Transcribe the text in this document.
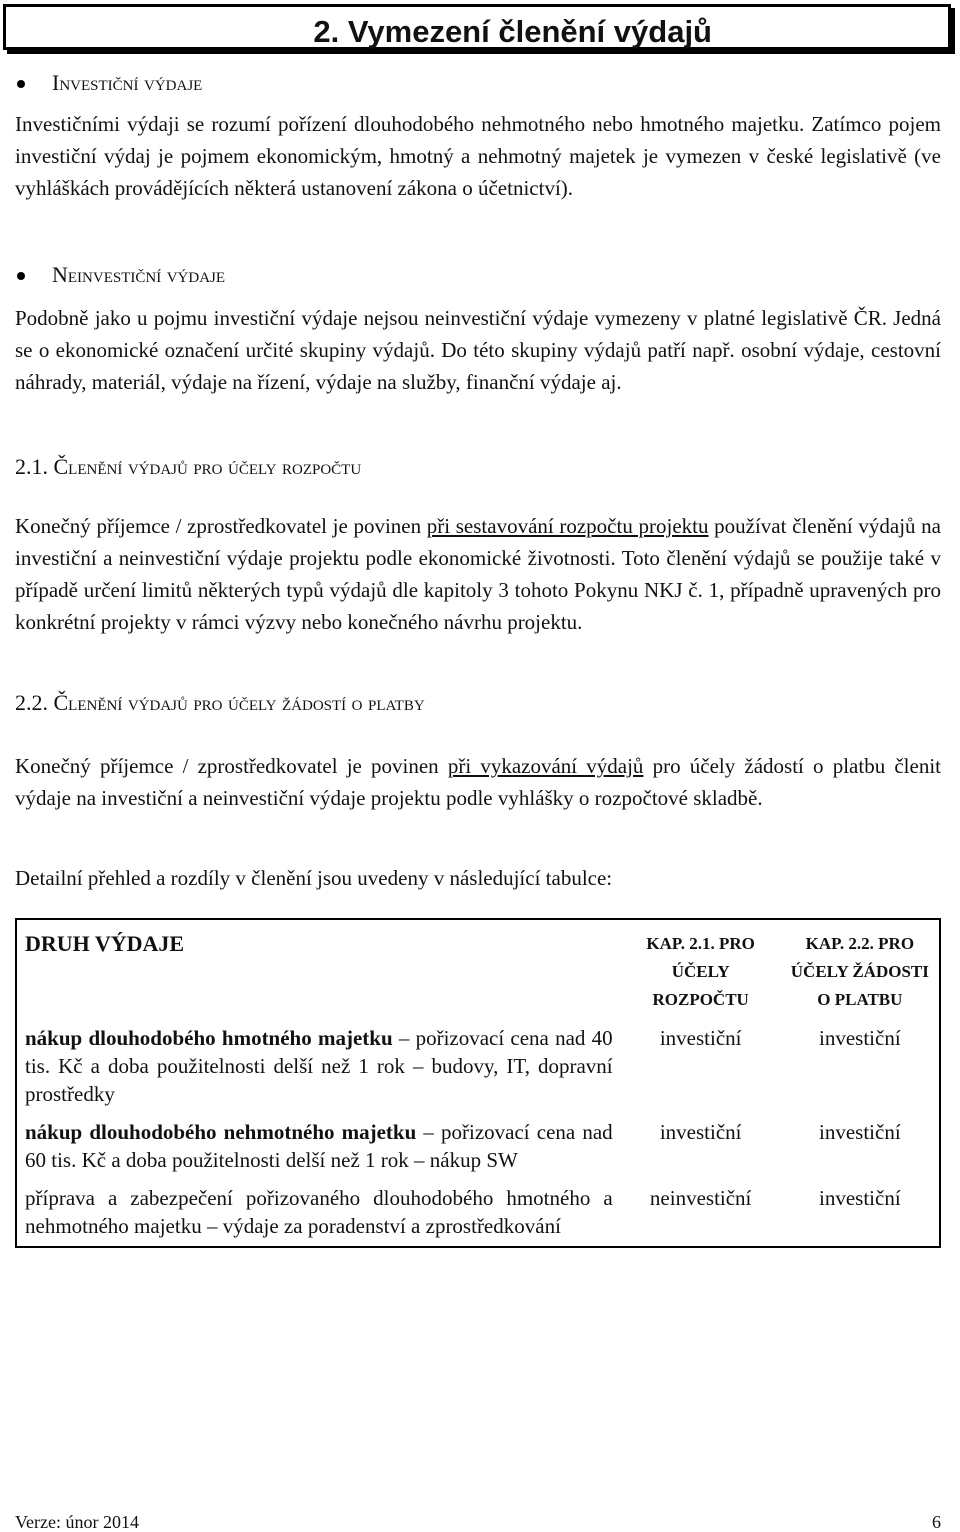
2. Vymezení členění výdajů
Investiční výdaje

Investičními výdaji se rozumí pořízení dlouhodobého nehmotného nebo hmotného majetku. Zatímco pojem investiční výdaj je pojmem ekonomickým, hmotný a nehmotný majetek je vymezen v české legislativě (ve vyhláškách provádějících některá ustanovení zákona o účetnictví).

Neinvestiční výdaje

Podobně jako u pojmu investiční výdaje nejsou neinvestiční výdaje vymezeny v platné legislativě ČR. Jedná se o ekonomické označení určité skupiny výdajů. Do této skupiny výdajů patří např. osobní výdaje, cestovní náhrady, materiál, výdaje na řízení, výdaje na služby, finanční výdaje aj.

2.1. Členění výdajů pro účely rozpočtu

Konečný příjemce / zprostředkovatel je povinen při sestavování rozpočtu projektu používat členění výdajů na investiční a neinvestiční výdaje projektu podle ekonomické životnosti. Toto členění výdajů se použije také v případě určení limitů některých typů výdajů dle kapitoly 3 tohoto Pokynu NKJ č. 1, případně upravených pro konkrétní projekty v rámci výzvy nebo konečného návrhu projektu.

2.2. Členění výdajů pro účely žádostí o platby

Konečný příjemce / zprostředkovatel je povinen při vykazování výdajů pro účely žádostí o platbu členit výdaje na investiční a neinvestiční výdaje projektu podle vyhlášky o rozpočtové skladbě.

Detailní přehled a rozdíly v členění jsou uvedeny v následující tabulce:

DRUH VÝDAJE	KAP. 2.1. PRO ÚČELY ROZPOČTU	KAP. 2.2. PRO ÚČELY ŽÁDOSTI O PLATBU
nákup dlouhodobého hmotného majetku – pořizovací cena nad 40 tis. Kč a doba použitelnosti delší než 1 rok – budovy, IT, dopravní prostředky	investiční	investiční
nákup dlouhodobého nehmotného majetku – pořizovací cena nad 60 tis. Kč a doba použitelnosti delší než 1 rok – nákup SW	investiční	investiční
příprava a zabezpečení pořizovaného dlouhodobého hmotného a nehmotného majetku – výdaje za poradenství a zprostředkování	neinvestiční	investiční
Verze: únor 2014	6
